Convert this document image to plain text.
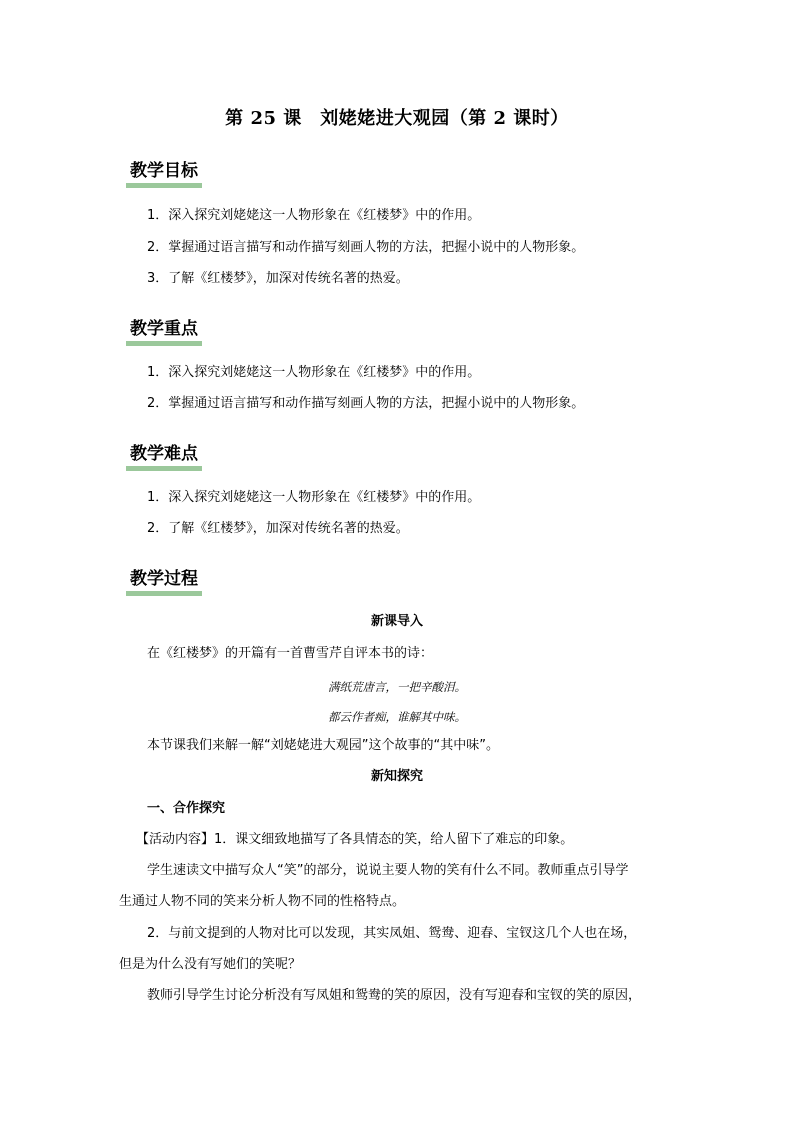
第 25 课　刘姥姥进大观园（第 2 课时）
教学目标
1．深入探究刘姥姥这一人物形象在《红楼梦》中的作用。
2．掌握通过语言描写和动作描写刻画人物的方法，把握小说中的人物形象。
3．了解《红楼梦》，加深对传统名著的热爱。
教学重点
1．深入探究刘姥姥这一人物形象在《红楼梦》中的作用。
2．掌握通过语言描写和动作描写刻画人物的方法，把握小说中的人物形象。
教学难点
1．深入探究刘姥姥这一人物形象在《红楼梦》中的作用。
2．了解《红楼梦》，加深对传统名著的热爱。
教学过程
新课导入
在《红楼梦》的开篇有一首曹雪芹自评本书的诗：
满纸荒唐言，一把辛酸泪。
都云作者痴，谁解其中味。
本节课我们来解一解“刘姥姥进大观园”这个故事的“其中味”。
新知探究
一、合作探究
【活动内容】1．课文细致地描写了各具情态的笑，给人留下了难忘的印象。
学生速读文中描写众人“笑”的部分，说说主要人物的笑有什么不同。教师重点引导学
生通过人物不同的笑来分析人物不同的性格特点。
2．与前文提到的人物对比可以发现，其实凤姐、鸳鸯、迎春、宝钗这几个人也在场，
但是为什么没有写她们的笑呢？
教师引导学生讨论分析没有写凤姐和鸳鸯的笑的原因，没有写迎春和宝钗的笑的原因，
